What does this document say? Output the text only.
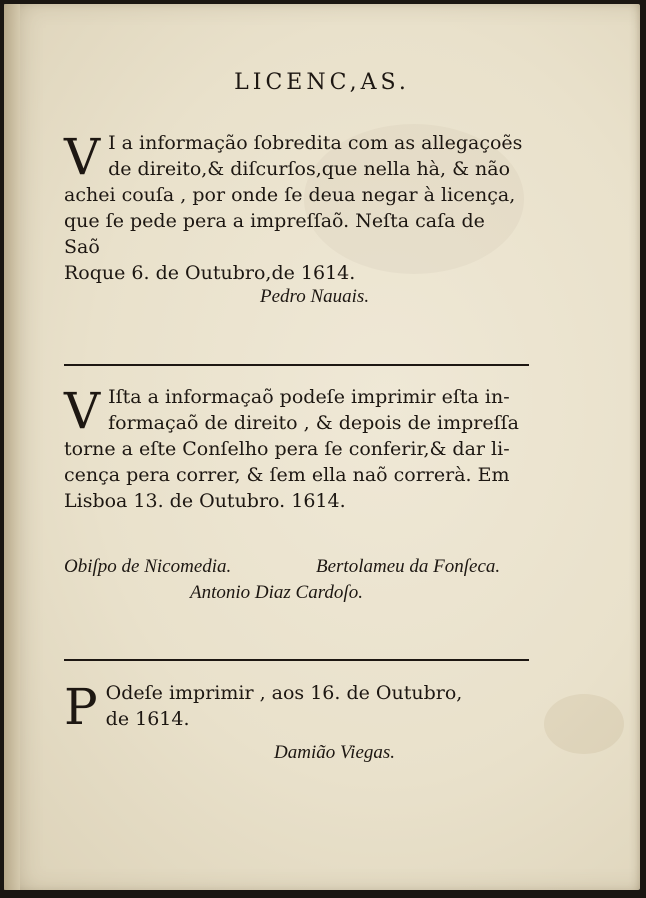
LICENC,AS.
V I a informação ſobredita com as allegaçoẽs
de direito,& diſcurſos,que nella hà, & não
achei couſa , por onde ſe deua negar à licença,
que ſe pede pera a impreſſaõ. Neſta caſa de Saõ
Roque 6. de Outubro,de 1614.
Pedro Nauais.
V Iſta a informaçaõ podeſe imprimir eſta in-
formaçaõ de direito , & depois de impreſſa
torne a eſte Conſelho pera ſe conferir,& dar li-
cença pera correr, & ſem ella naõ correrà. Em
Lisboa 13. de Outubro. 1614.
Obiſpo de Nicomedia.	Bertolameu da Fonſeca.
Antonio Diaz Cardoſo.
P Odeſe imprimir , aos 16. de Outubro,
de 1614.
Damião Viegas.
